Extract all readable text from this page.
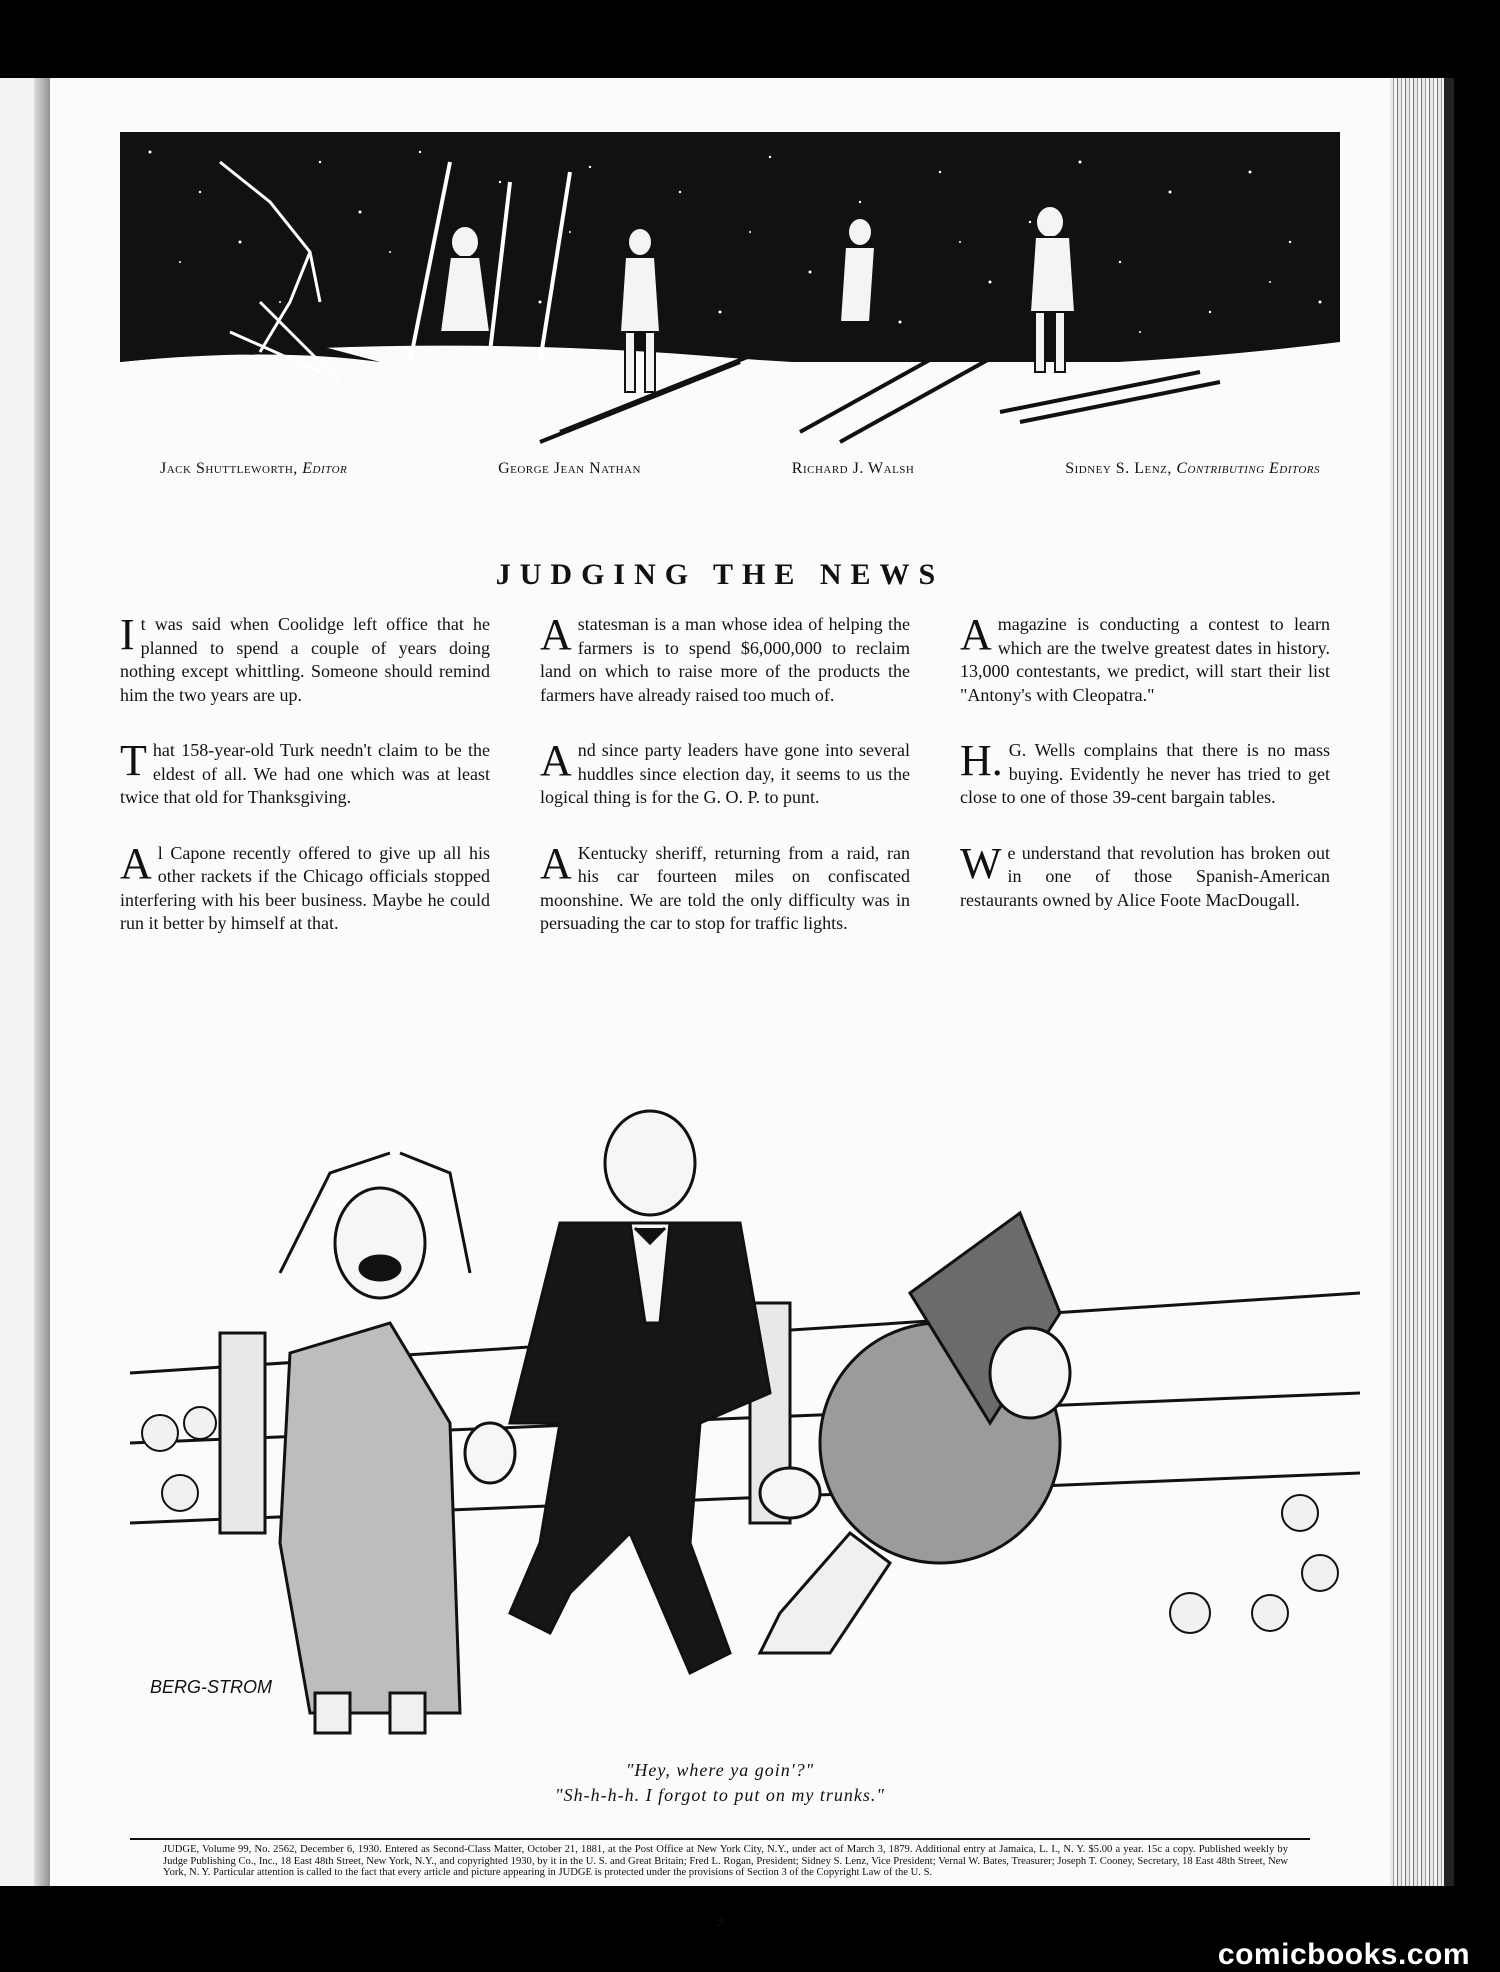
Jack Shuttleworth, Editor	George Jean Nathan	Richard J. Walsh	Sidney S. Lenz, Contributing Editors
JUDGING THE NEWS

It was said when Coolidge left office that he planned to spend a couple of years doing nothing except whittling. Someone should remind him the two years are up.

That 158-year-old Turk needn't claim to be the eldest of all. We had one which was at least twice that old for Thanksgiving.

Al Capone recently offered to give up all his other rackets if the Chicago officials stopped interfering with his beer business. Maybe he could run it better by himself at that.

Astatesman is a man whose idea of helping the farmers is to spend $6,000,000 to reclaim land on which to raise more of the products the farmers have already raised too much of.

And since party leaders have gone into several huddles since election day, it seems to us the logical thing is for the G. O. P. to punt.

AKentucky sheriff, returning from a raid, ran his car fourteen miles on confiscated moonshine. We are told the only difficulty was in persuading the car to stop for traffic lights.

Amagazine is conducting a contest to learn which are the twelve greatest dates in history. 13,000 contestants, we predict, will start their list "Antony's with Cleopatra."

H.G. Wells complains that there is no mass buying. Evidently he never has tried to get close to one of those 39-cent bargain tables.

We understand that revolution has broken out in one of those Spanish-American restaurants owned by Alice Foote MacDougall.

BERG-STROM
"Hey, where ya goin'?"
"Sh-h-h-h. I forgot to put on my trunks."
JUDGE, Volume 99, No. 2562, December 6, 1930. Entered as Second-Class Matter, October 21, 1881, at the Post Office at New York City, N.Y., under act of March 3, 1879. Additional entry at Jamaica, L. I., N. Y. $5.00 a year. 15c a copy. Published weekly by Judge Publishing Co., Inc., 18 East 48th Street, New York, N.Y., and copyrighted 1930, by it in the U. S. and Great Britain; Fred L. Rogan, President; Sidney S. Lenz, Vice President; Vernal W. Bates, Treasurer; Joseph T. Cooney, Secretary, 18 East 48th Street, New York, N. Y. Particular attention is called to the fact that every article and picture appearing in JUDGE is protected under the provisions of Section 3 of the Copyright Law of the U. S.
3
comicbooks.com
